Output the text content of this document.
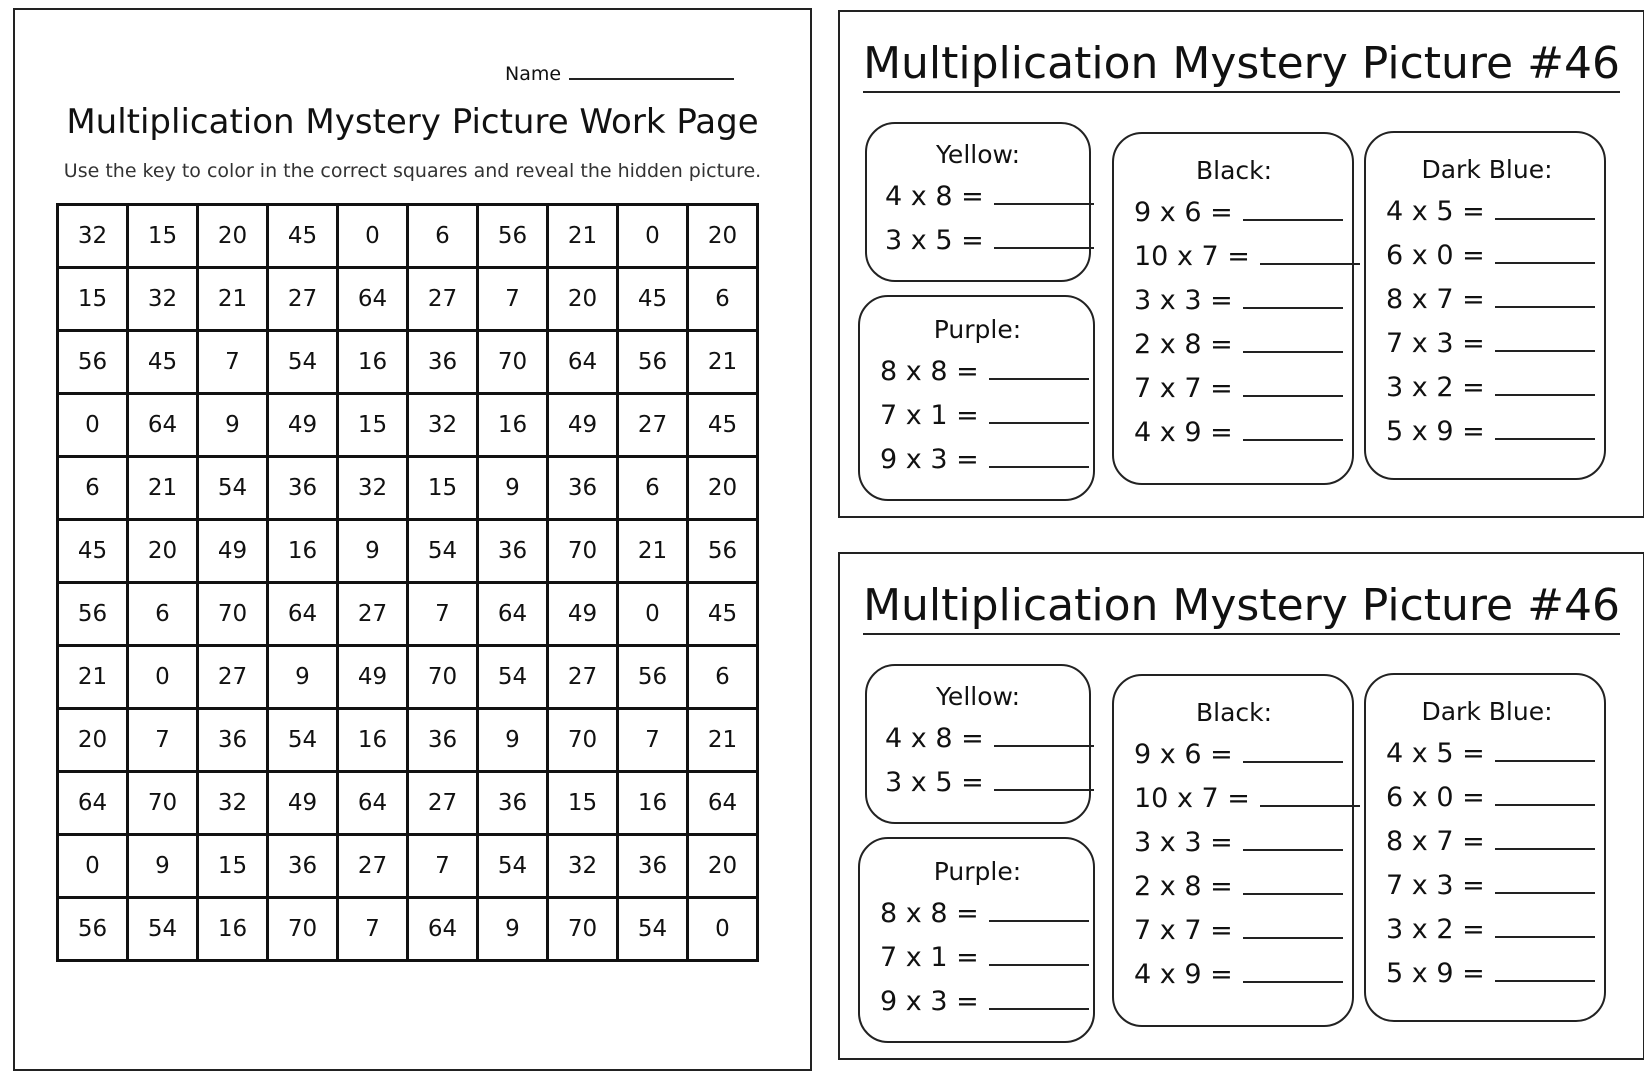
Name
Multiplication Mystery Picture Work Page
Use the key to color in the correct squares and reveal the hidden picture.
32	15	20	45	0	6	56	21	0	20
15	32	21	27	64	27	7	20	45	6
56	45	7	54	16	36	70	64	56	21
0	64	9	49	15	32	16	49	27	45
6	21	54	36	32	15	9	36	6	20
45	20	49	16	9	54	36	70	21	56
56	6	70	64	27	7	64	49	0	45
21	0	27	9	49	70	54	27	56	6
20	7	36	54	16	36	9	70	7	21
64	70	32	49	64	27	36	15	16	64
0	9	15	36	27	7	54	32	36	20
56	54	16	70	7	64	9	70	54	0
Multiplication Mystery Picture #46
Yellow:
4 x 8 =
3 x 5 =
Purple:
8 x 8 =
7 x 1 =
9 x 3 =
Black:
9 x 6 =
10 x 7 =
3 x 3 =
2 x 8 =
7 x 7 =
4 x 9 =
Dark Blue:
4 x 5 =
6 x 0 =
8 x 7 =
7 x 3 =
3 x 2 =
5 x 9 =
Multiplication Mystery Picture #46
Yellow:
4 x 8 =
3 x 5 =
Purple:
8 x 8 =
7 x 1 =
9 x 3 =
Black:
9 x 6 =
10 x 7 =
3 x 3 =
2 x 8 =
7 x 7 =
4 x 9 =
Dark Blue:
4 x 5 =
6 x 0 =
8 x 7 =
7 x 3 =
3 x 2 =
5 x 9 =
